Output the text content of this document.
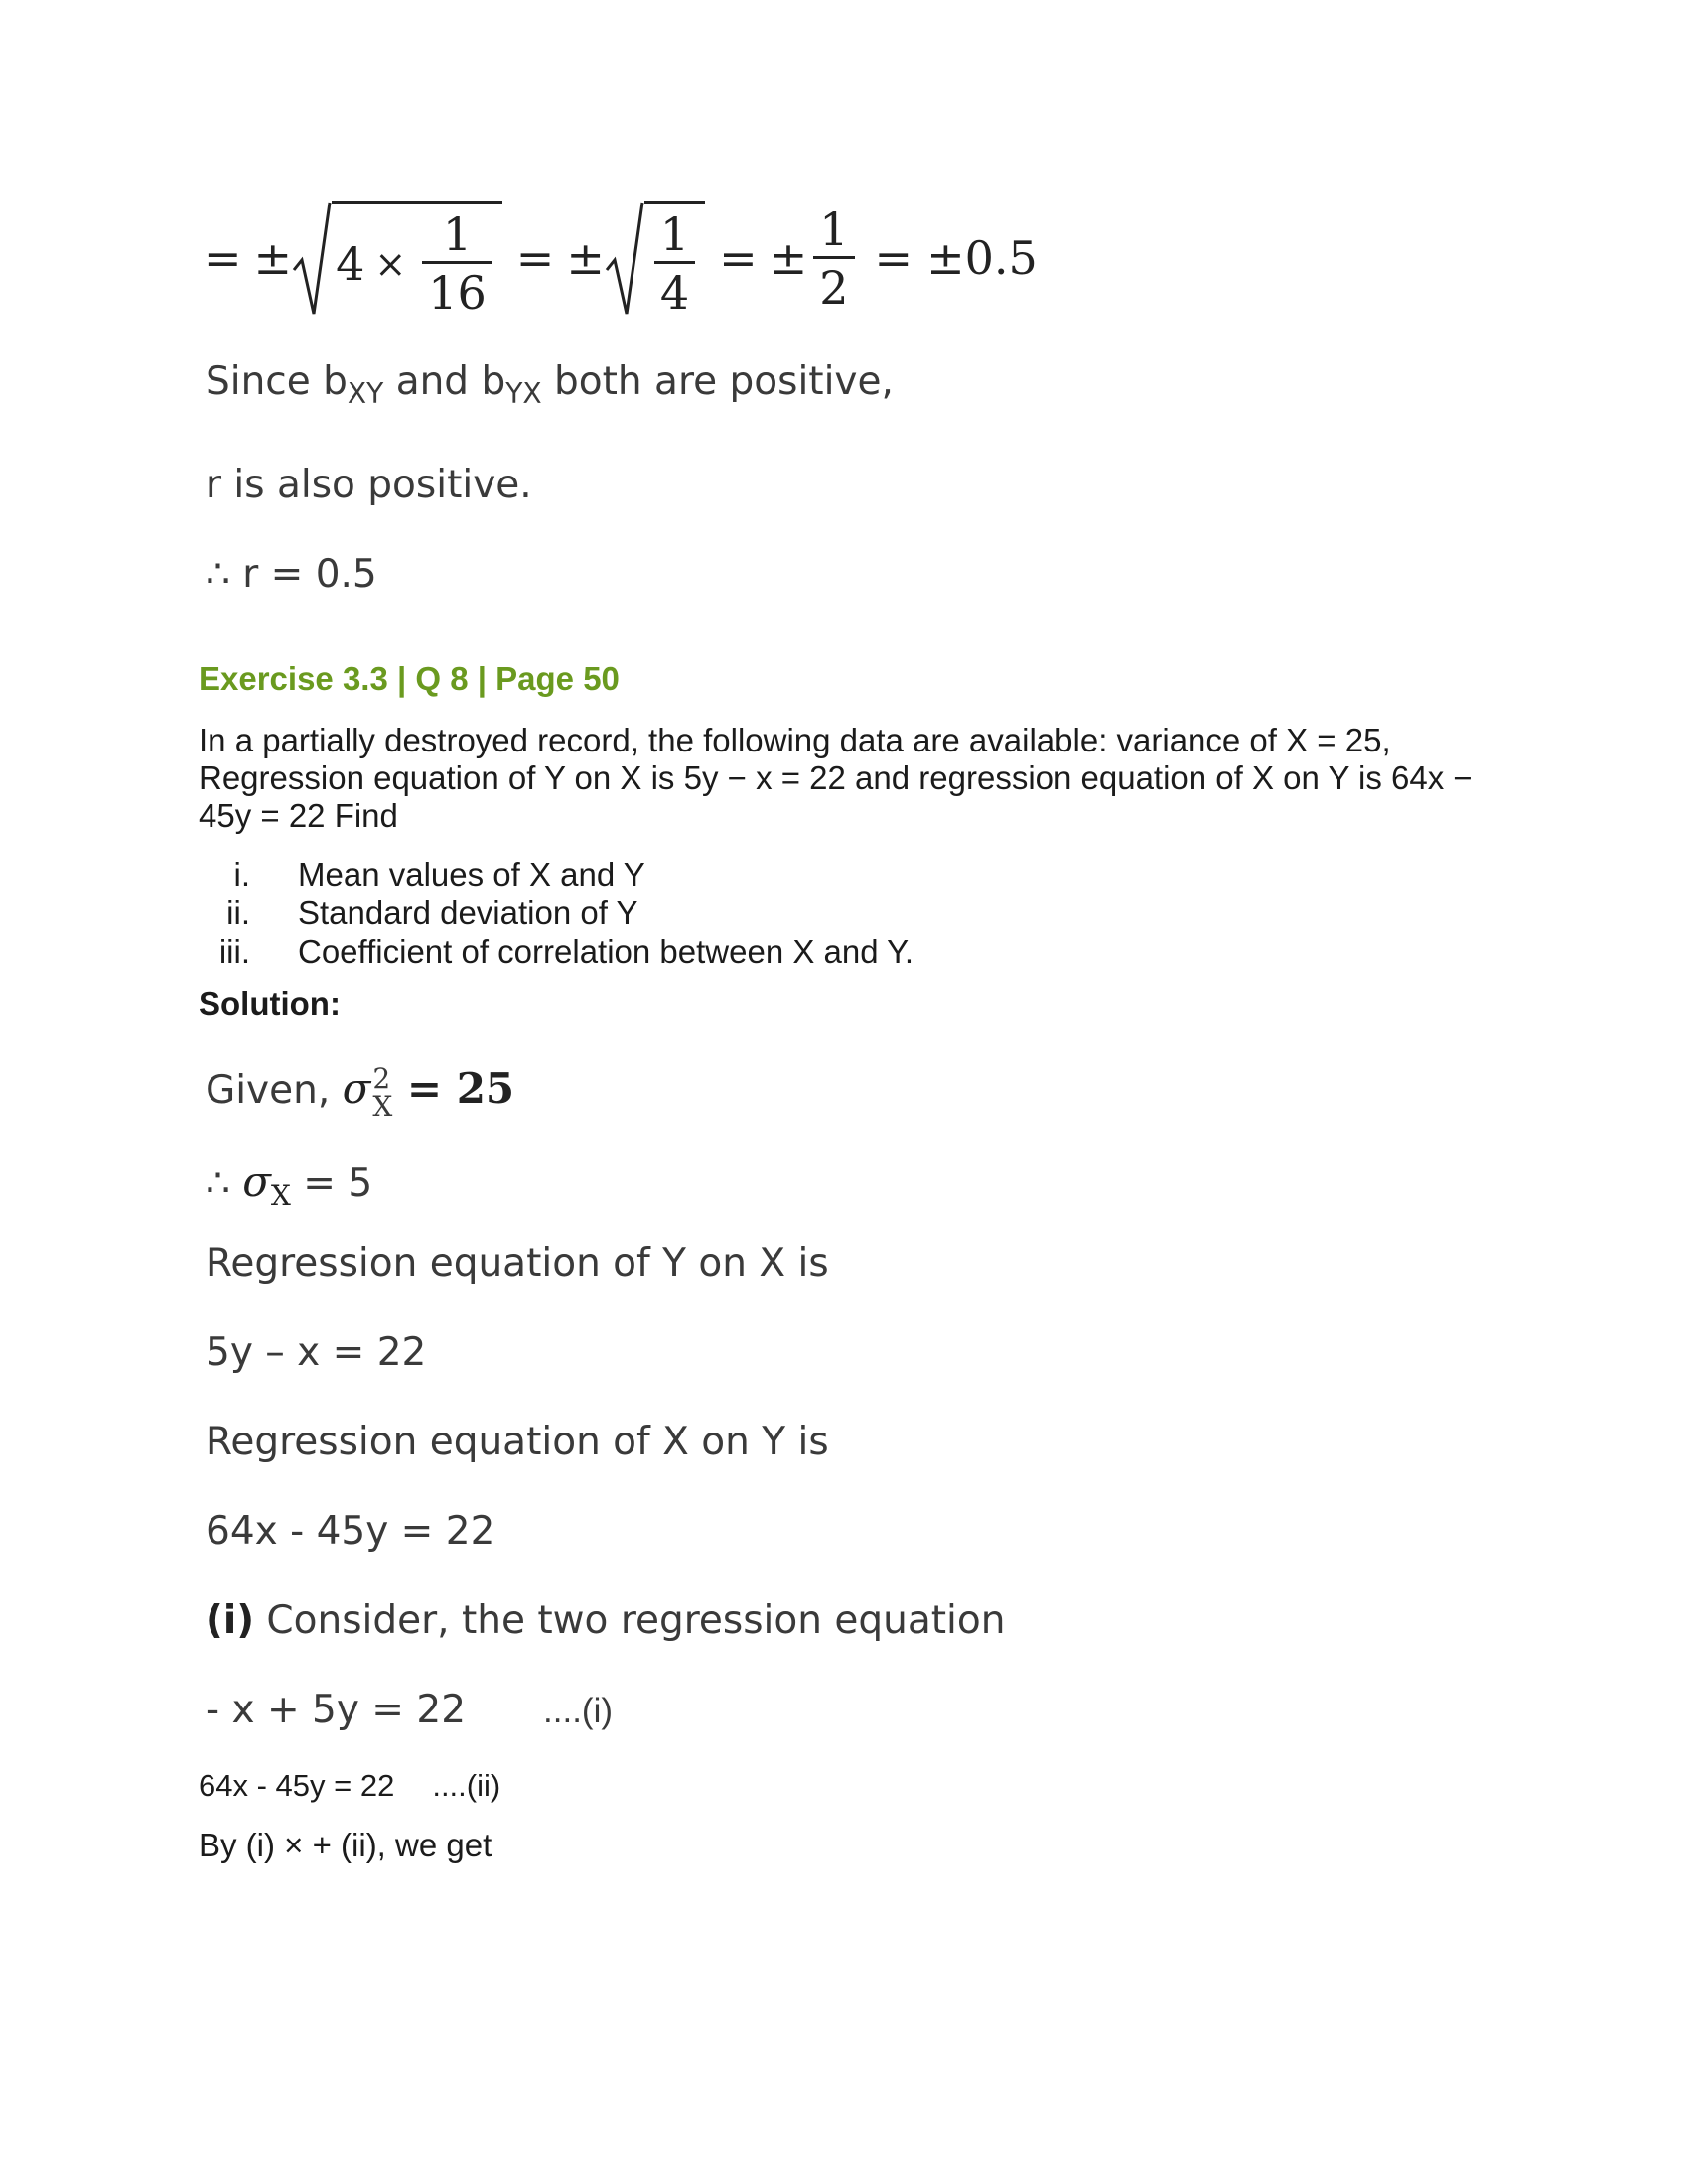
= ± $4 \times \frac{1}{16}$ = ± $\frac{1}{4}$ = ± $\frac{1}{2} = \pm 0.5$
Since $b_{XY}$ and $b_{YX}$ both are positive,
r is also positive.
∴ r = 0.5
Exercise 3.3 | Q 8 | Page 50
In a partially destroyed record, the following data are available: variance of X = 25, Regression equation of Y on X is 5y − x = 22 and regression equation of X on Y is 64x − 45y = 22 Find
i. Mean values of X and Y
ii. Standard deviation of Y
iii. Coefficient of correlation between X and Y.
Solution:
Given, σ 2
X = 25
∴ $\sigma_X = 5$
Regression equation of Y on X is
5y – x = 22
Regression equation of X on Y is
64x - 45y = 22
(i) Consider, the two regression equation
- x + 5y = 22 ....(i)
64x - 45y = 22 ....(ii)
By (i) × + (ii), we get
